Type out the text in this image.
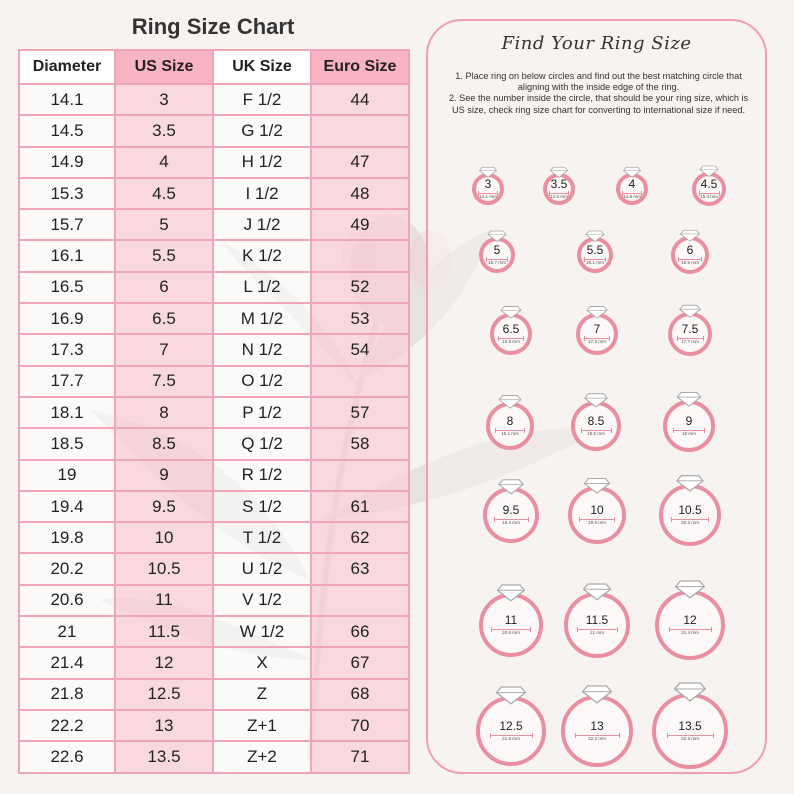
Ring Size Chart
Diameter	US Size	UK Size	Euro Size
14.1	3	F 1/2	44
14.5	3.5	G 1/2	
14.9	4	H 1/2	47
15.3	4.5	I 1/2	48
15.7	5	J 1/2	49
16.1	5.5	K 1/2	
16.5	6	L 1/2	52
16.9	6.5	M 1/2	53
17.3	7	N 1/2	54
17.7	7.5	O 1/2	
18.1	8	P 1/2	57
18.5	8.5	Q 1/2	58
19	9	R 1/2	
19.4	9.5	S 1/2	61
19.8	10	T 1/2	62
20.2	10.5	U 1/2	63
20.6	11	V 1/2	
21	11.5	W 1/2	66
21.4	12	X	67
21.8	12.5	Z	68
22.2	13	Z+1	70
22.6	13.5	Z+2	71
Find Your Ring Size
1. Place ring on below circles and find out the best matching circle that aligning with the inside edge of the ring.
2. See the number inside the circle, that should be your ring size, which is US size, check ring size chart for converting to international size if need.
3
14.1 mm
3.5
14.5 mm
4
14.9 mm
4.5
15.3 mm
5
15.7 mm
5.5
16.1 mm
6
16.5 mm
6.5
16.9 mm
7
17.3 mm
7.5
17.7 mm
8
18.1 mm
8.5
18.5 mm
9
19 mm
9.5
19.4 mm
10
19.8 mm
10.5
20.2 mm
11
20.6 mm
11.5
21 mm
12
21.4 mm
12.5
21.8 mm
13
22.2 mm
13.5
22.6 mm
